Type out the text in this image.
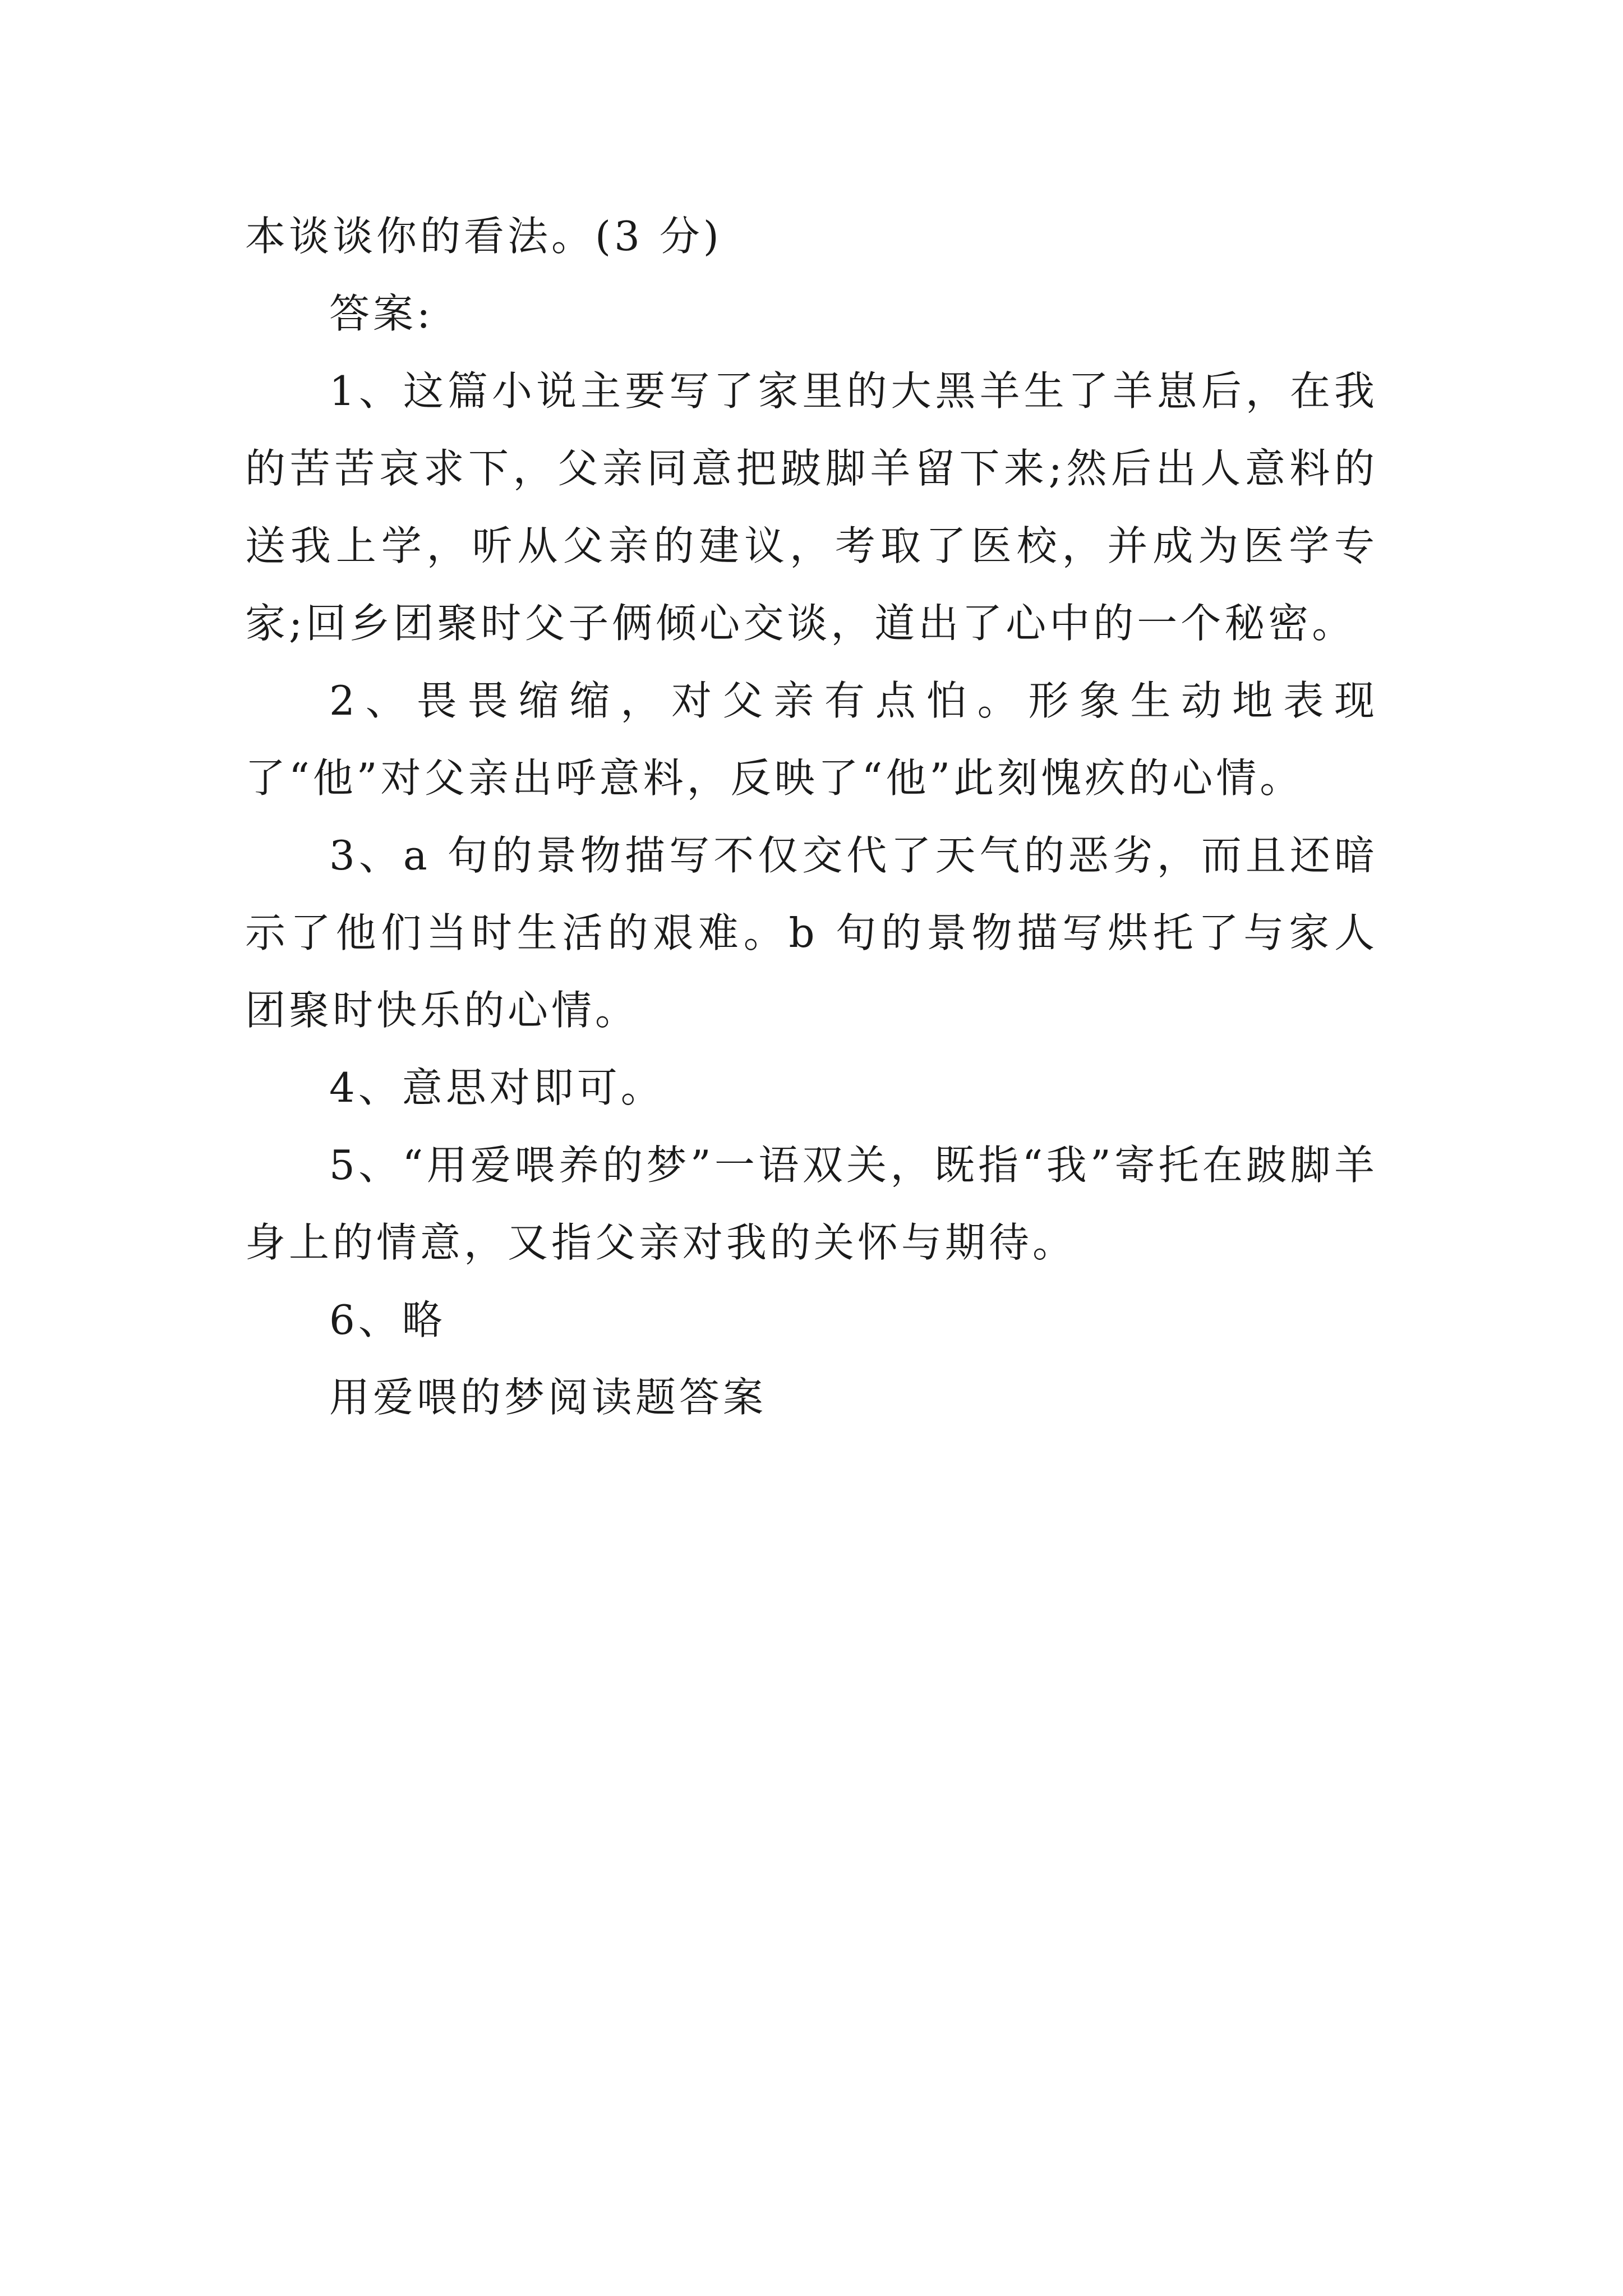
本谈谈你的看法。(3 分)

答案:

1、这篇小说主要写了家里的大黑羊生了羊崽后，在我的苦苦哀求下，父亲同意把跛脚羊留下来;然后出人意料的送我上学，听从父亲的建议，考取了医校，并成为医学专家;回乡团聚时父子俩倾心交谈，道出了心中的一个秘密。

2、畏畏缩缩，对父亲有点怕。形象生动地表现了“他”对父亲出呼意料，反映了“他”此刻愧疚的心情。

3、a 句的景物描写不仅交代了天气的恶劣，而且还暗示了他们当时生活的艰难。b 句的景物描写烘托了与家人团聚时快乐的心情。

4、意思对即可。

5、“用爱喂养的梦”一语双关，既指“我”寄托在跛脚羊身上的情意，又指父亲对我的关怀与期待。

6、略

用爱喂的梦阅读题答案
